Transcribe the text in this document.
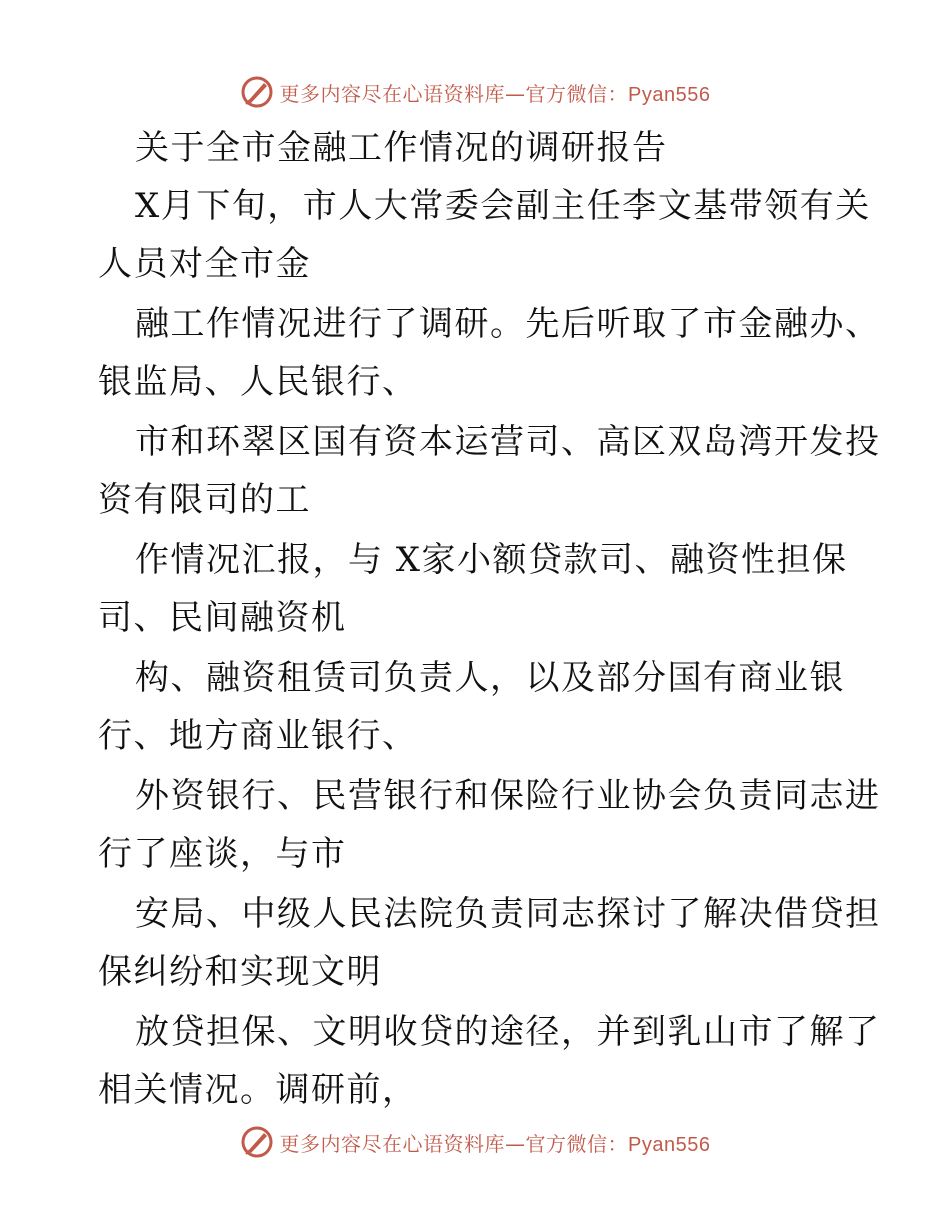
更多内容尽在心语资料库—官方微信：Pyan556
关于全市金融工作情况的调研报告
X月下旬，市人大常委会副主任李文基带领有关
人员对全市金
融工作情况进行了调研。先后听取了市金融办、
银监局、人民银行、
市和环翠区国有资本运营司、高区双岛湾开发投
资有限司的工
作情况汇报，与 X家小额贷款司、融资性担保
司、民间融资机
构、融资租赁司负责人，以及部分国有商业银
行、地方商业银行、
外资银行、民营银行和保险行业协会负责同志进
行了座谈，与市
安局、中级人民法院负责同志探讨了解决借贷担
保纠纷和实现文明
放贷担保、文明收贷的途径，并到乳山市了解了
相关情况。调研前，
更多内容尽在心语资料库—官方微信：Pyan556
